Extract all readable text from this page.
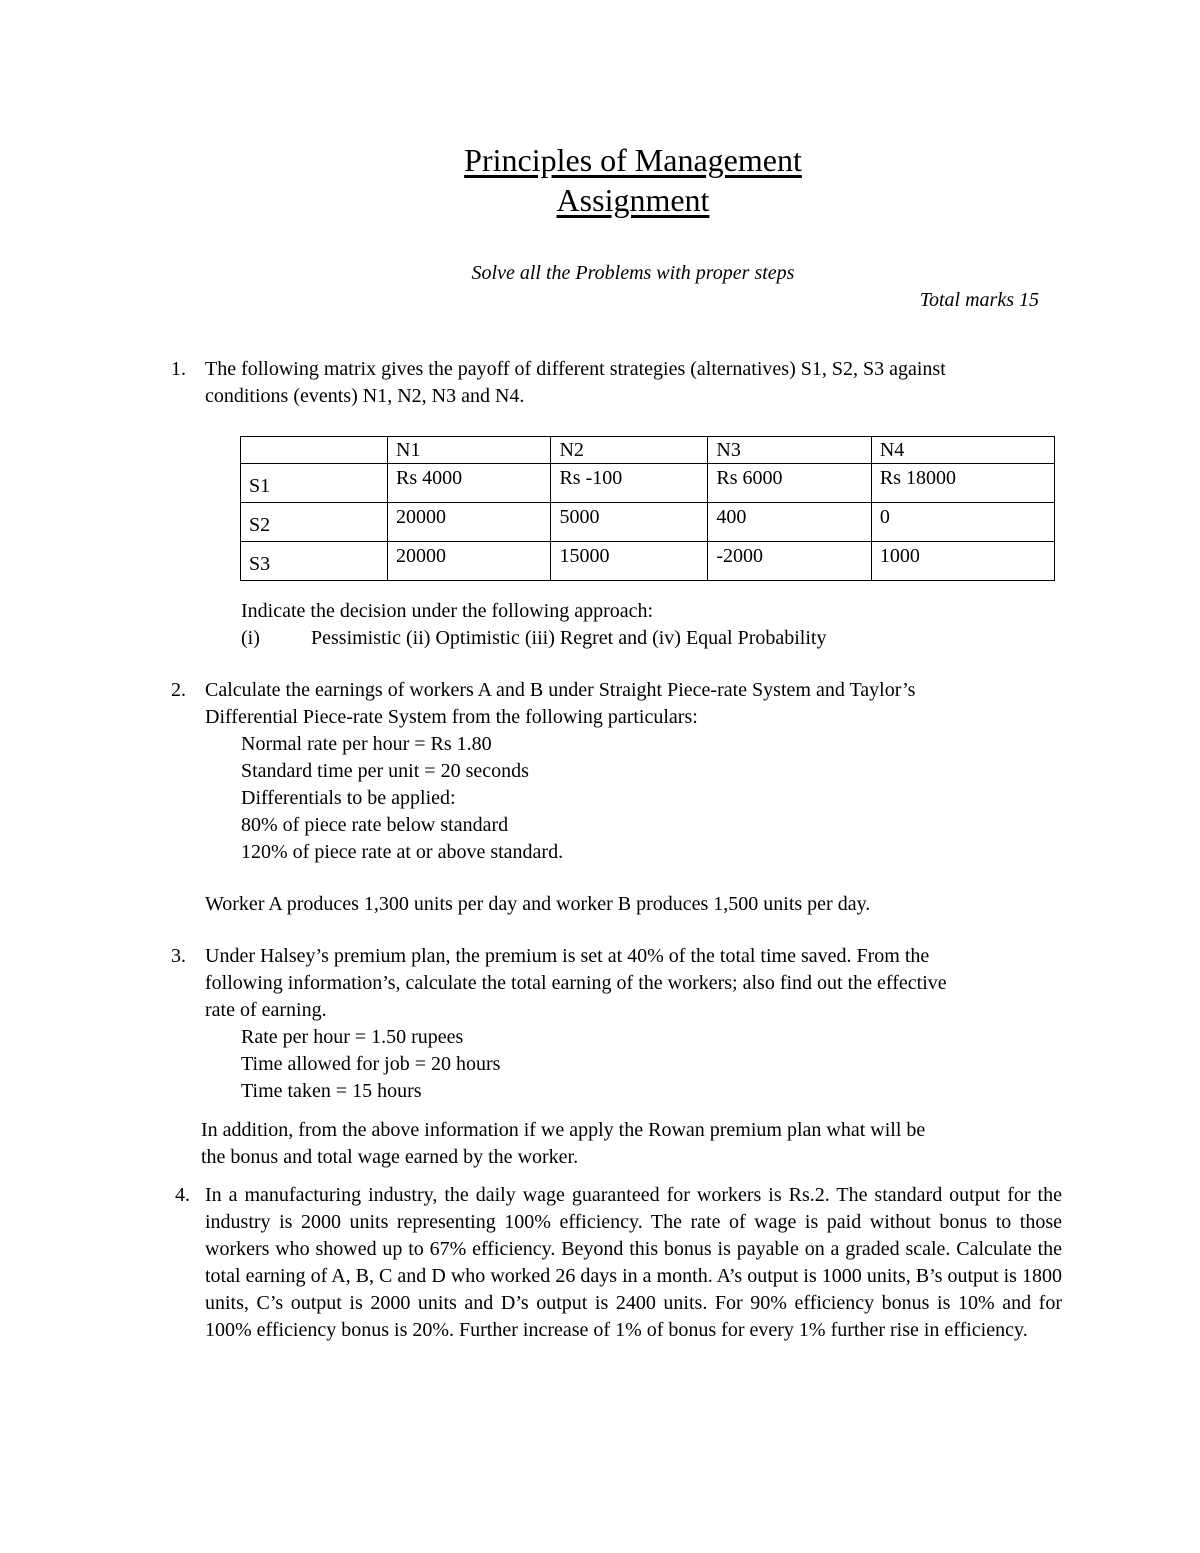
Principles of Management
Assignment
Solve all the Problems with proper steps
Total marks 15
1. The following matrix gives the payoff of different strategies (alternatives) S1, S2, S3 against
conditions (events) N1, N2, N3 and N4.
	N1	N2	N3	N4
S1	Rs 4000	Rs -100	Rs 6000	Rs 18000
S2	20000	5000	400	0
S3	20000	15000	-2000	1000
Indicate the decision under the following approach:
(i)	Pessimistic (ii) Optimistic (iii) Regret and (iv) Equal Probability
2. Calculate the earnings of workers A and B under Straight Piece-rate System and Taylor’s
Differential Piece-rate System from the following particulars:
Normal rate per hour = Rs 1.80
Standard time per unit = 20 seconds
Differentials to be applied:
80% of piece rate below standard
120% of piece rate at or above standard.
Worker A produces 1,300 units per day and worker B produces 1,500 units per day.
3. Under Halsey’s premium plan, the premium is set at 40% of the total time saved. From the
following information’s, calculate the total earning of the workers; also find out the effective
rate of earning.
Rate per hour = 1.50 rupees
Time allowed for job = 20 hours
Time taken = 15 hours
In addition, from the above information if we apply the Rowan premium plan what will be
the bonus and total wage earned by the worker.
4. In a manufacturing industry, the daily wage guaranteed for workers is Rs.2. The standard output for the industry is 2000 units representing 100% efficiency. The rate of wage is paid without bonus to those workers who showed up to 67% efficiency. Beyond this bonus is payable on a graded scale. Calculate the total earning of A, B, C and D who worked 26 days in a month. A’s output is 1000 units, B’s output is 1800 units, C’s output is 2000 units and D’s output is 2400 units. For 90% efficiency bonus is 10% and for 100% efficiency bonus is 20%. Further increase of 1% of bonus for every 1% further rise in efficiency.
